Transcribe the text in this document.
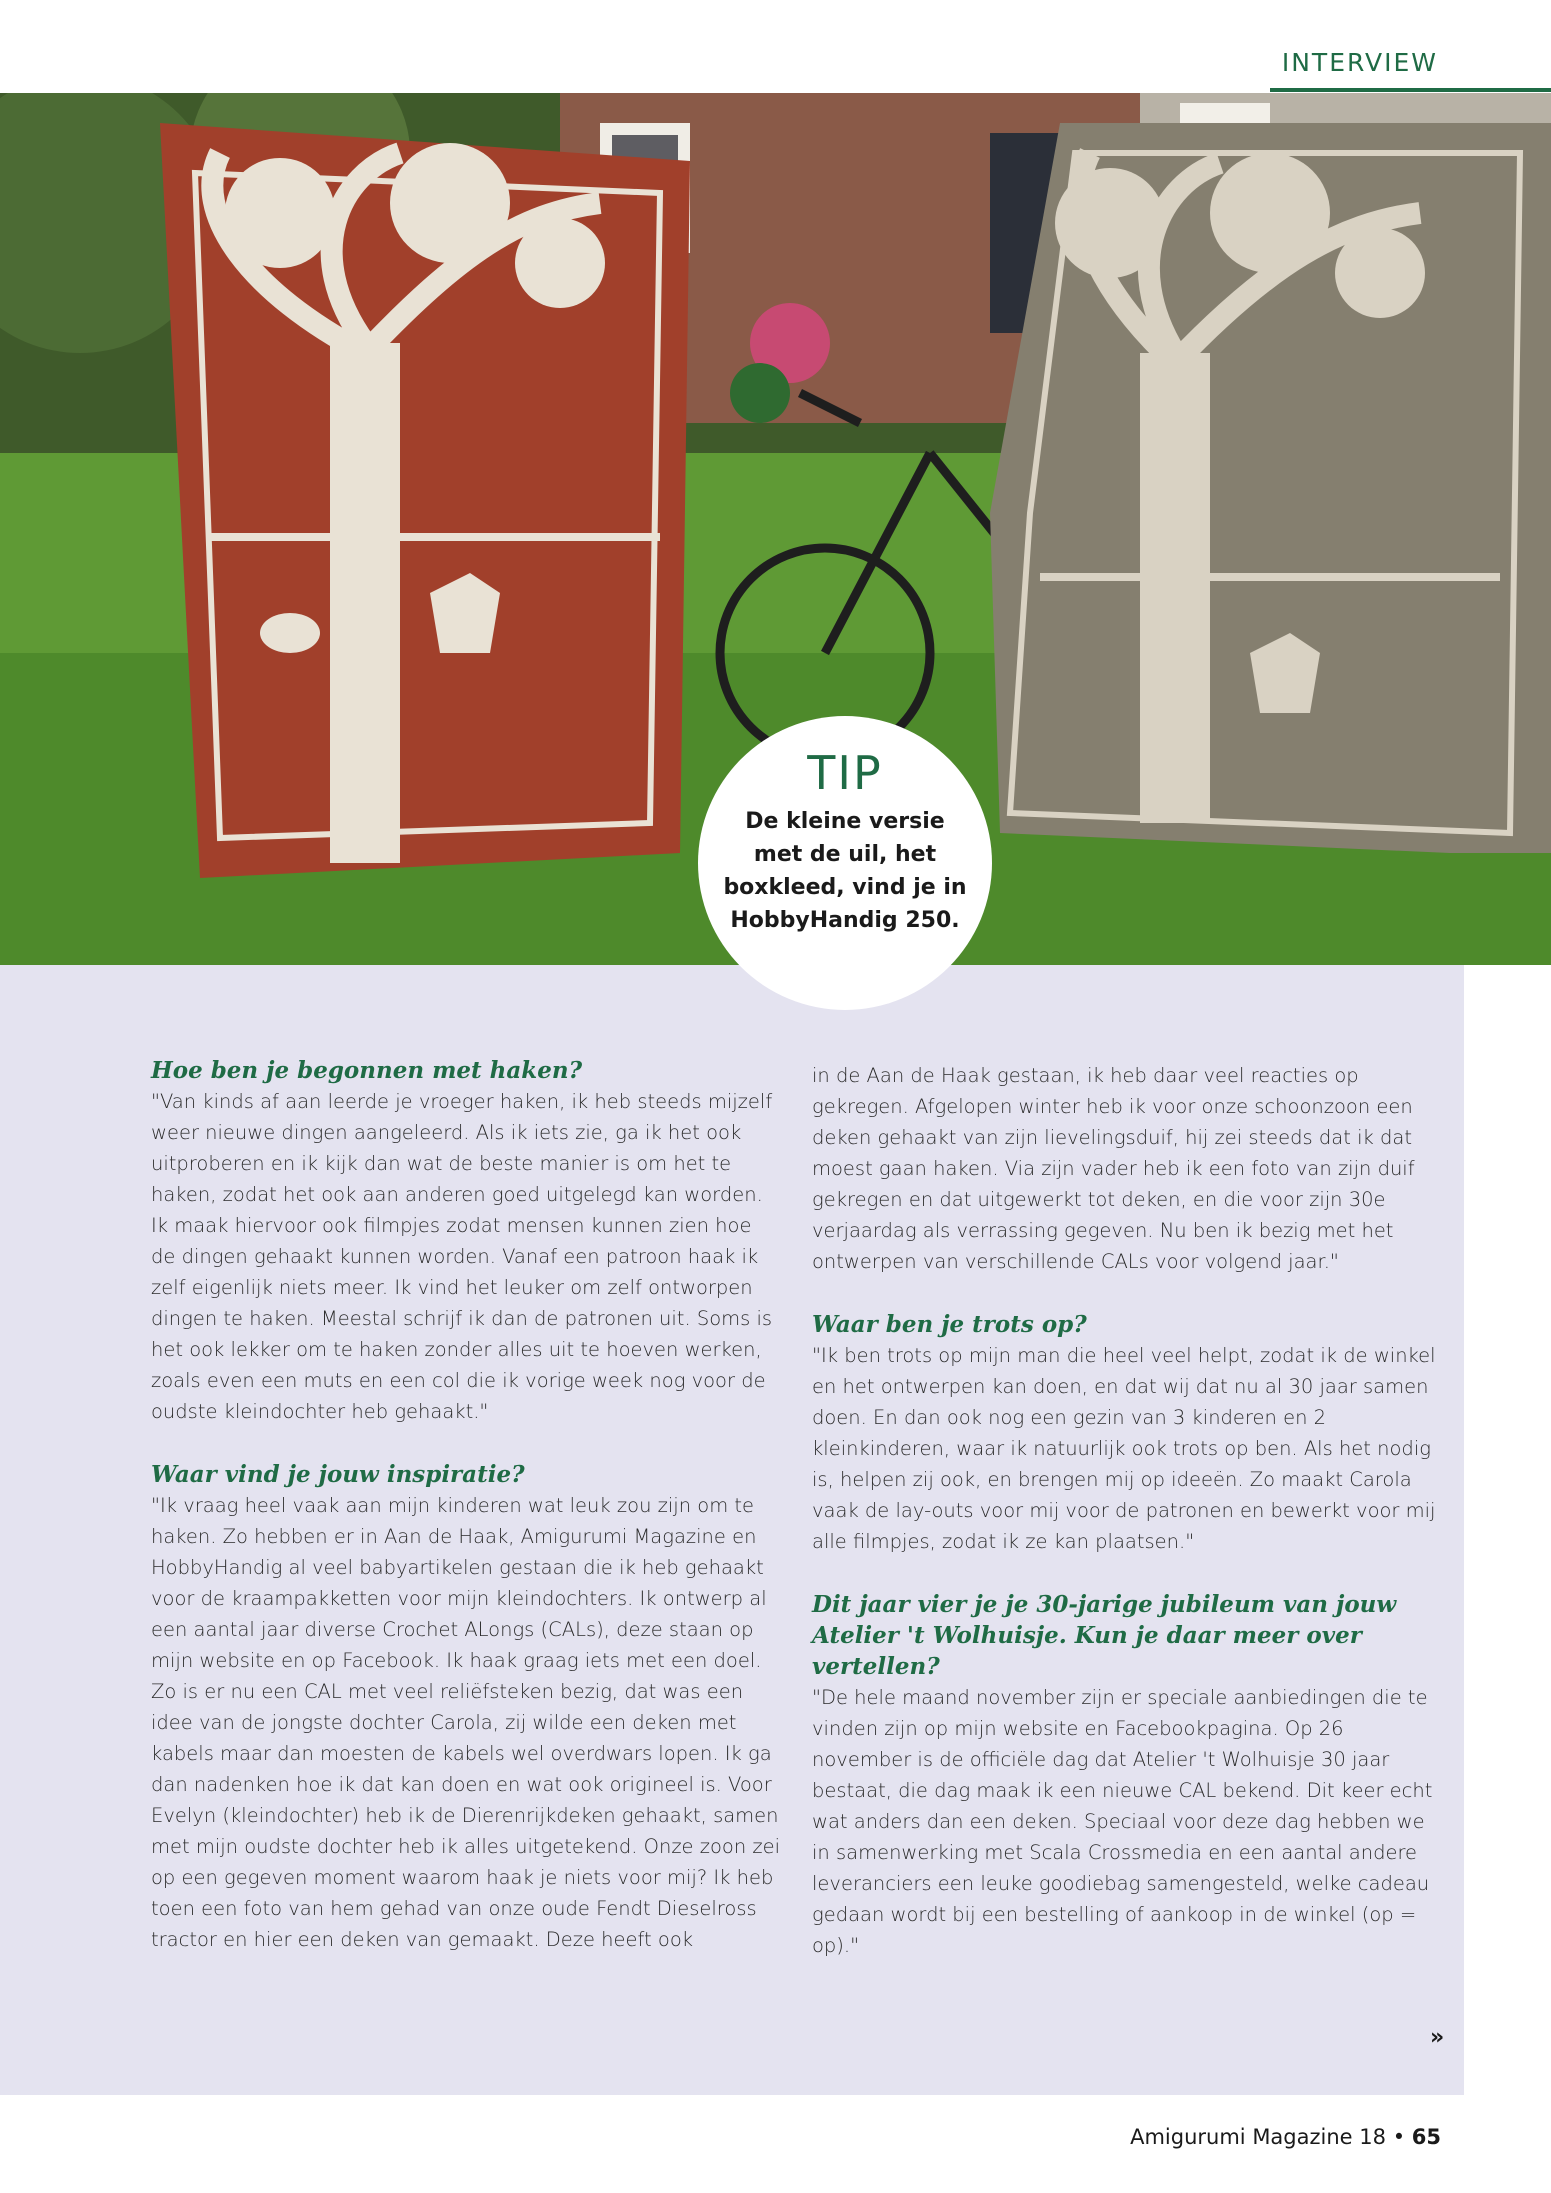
INTERVIEW
TIP
De kleine versie met de uil, het boxkleed, vind je in HobbyHandig 250.
Hoe ben je begonnen met haken?

"Van kinds af aan leerde je vroeger haken, ik heb steeds mijzelf weer nieuwe dingen aangeleerd. Als ik iets zie, ga ik het ook uitproberen en ik kijk dan wat de beste manier is om het te haken, zodat het ook aan anderen goed uitgelegd kan worden. Ik maak hiervoor ook filmpjes zodat mensen kunnen zien hoe de dingen gehaakt kunnen worden. Vanaf een patroon haak ik zelf eigenlijk niets meer. Ik vind het leuker om zelf ontworpen dingen te haken. Meestal schrijf ik dan de patronen uit. Soms is het ook lekker om te haken zonder alles uit te hoeven werken, zoals even een muts en een col die ik vorige week nog voor de oudste kleindochter heb gehaakt."

Waar vind je jouw inspiratie?

"Ik vraag heel vaak aan mijn kinderen wat leuk zou zijn om te haken. Zo hebben er in Aan de Haak, Amigurumi Magazine en HobbyHandig al veel babyartikelen gestaan die ik heb gehaakt voor de kraampakketten voor mijn kleindochters. Ik ontwerp al een aantal jaar diverse Crochet ALongs (CALs), deze staan op mijn website en op Facebook. Ik haak graag iets met een doel. Zo is er nu een CAL met veel reliëfsteken bezig, dat was een idee van de jongste dochter Carola, zij wilde een deken met kabels maar dan moesten de kabels wel overdwars lopen. Ik ga dan nadenken hoe ik dat kan doen en wat ook origineel is. Voor Evelyn (kleindochter) heb ik de Dierenrijkdeken gehaakt, samen met mijn oudste dochter heb ik alles uitgetekend. Onze zoon zei op een gegeven moment waarom haak je niets voor mij? Ik heb toen een foto van hem gehad van onze oude Fendt Dieselross tractor en hier een deken van gemaakt. Deze heeft ook

in de Aan de Haak gestaan, ik heb daar veel reacties op gekregen. Afgelopen winter heb ik voor onze schoonzoon een deken gehaakt van zijn lievelingsduif, hij zei steeds dat ik dat moest gaan haken. Via zijn vader heb ik een foto van zijn duif gekregen en dat uitgewerkt tot deken, en die voor zijn 30e verjaardag als verrassing gegeven. Nu ben ik bezig met het ontwerpen van verschillende CALs voor volgend jaar."

Waar ben je trots op?

"Ik ben trots op mijn man die heel veel helpt, zodat ik de winkel en het ontwerpen kan doen, en dat wij dat nu al 30 jaar samen doen. En dan ook nog een gezin van 3 kinderen en 2 kleinkinderen, waar ik natuurlijk ook trots op ben. Als het nodig is, helpen zij ook, en brengen mij op ideeën. Zo maakt Carola vaak de lay-outs voor mij voor de patronen en bewerkt voor mij alle filmpjes, zodat ik ze kan plaatsen."

Dit jaar vier je je 30-jarige jubileum van jouw Atelier 't Wolhuisje. Kun je daar meer over vertellen?

"De hele maand november zijn er speciale aanbiedingen die te vinden zijn op mijn website en Facebookpagina. Op 26 november is de officiële dag dat Atelier 't Wolhuisje 30 jaar bestaat, die dag maak ik een nieuwe CAL bekend. Dit keer echt wat anders dan een deken. Speciaal voor deze dag hebben we in samenwerking met Scala Crossmedia en een aantal andere leveranciers een leuke goodiebag samengesteld, welke cadeau gedaan wordt bij een bestelling of aankoop in de winkel (op = op)."

»
Amigurumi Magazine 18 • 65
